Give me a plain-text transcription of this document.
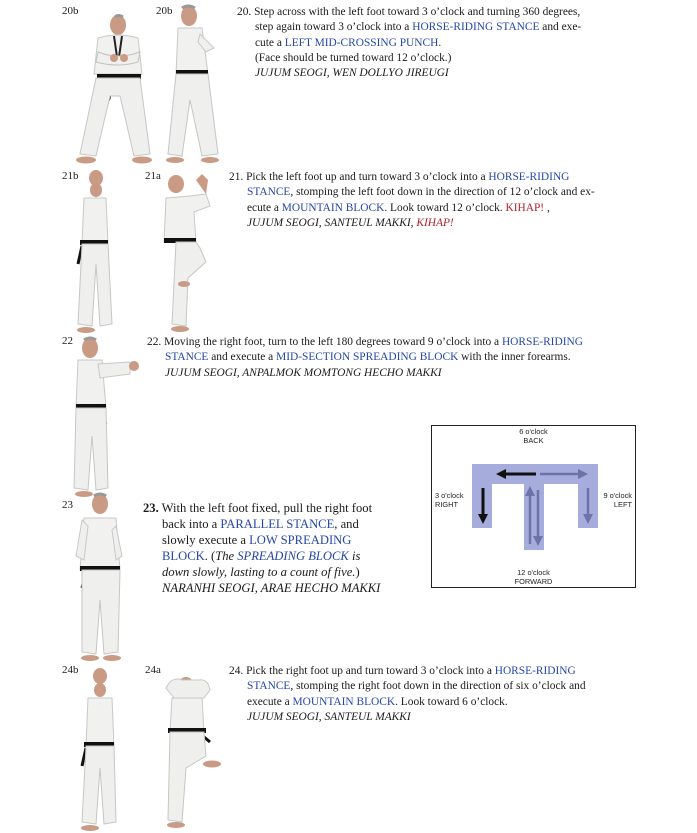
20b	20b
21b	21a
22
23
24b	24a
20. Step across with the left foot toward 3 o’clock and turning 360 degrees,
step again toward 3 o’clock into a HORSE-RIDING STANCE and exe-
cute a LEFT MID-CROSSING PUNCH.
(Face should be turned toward 12 o’clock.)
JUJUM SEOGI, WEN DOLLYO JIREUGI
21. Pick the left foot up and turn toward 3 o’clock into a HORSE-RIDING
STANCE, stomping the left foot down in the direction of 12 o’clock and ex-
ecute a MOUNTAIN BLOCK. Look toward 12 o’clock. KIHAP! ,
JUJUM SEOGI, SANTEUL MAKKI, KIHAP!
22. Moving the right foot, turn to the left 180 degrees toward 9 o’clock into a HORSE-RIDING
STANCE and execute a MID-SECTION SPREADING BLOCK with the inner forearms.
JUJUM SEOGI, ANPALMOK MOMTONG HECHO MAKKI
23. With the left foot fixed, pull the right foot
back into a PARALLEL STANCE, and
slowly execute a LOW SPREADING
BLOCK. (The SPREADING BLOCK is
down slowly, lasting to a count of five.)
NARANHI SEOGI, ARAE HECHO MAKKI
24. Pick the right foot up and turn toward 3 o’clock into a HORSE-RIDING
STANCE, stomping the right foot down in the direction of six o’clock and
execute a MOUNTAIN BLOCK. Look toward 6 o’clock.
JUJUM SEOGI, SANTEUL MAKKI
6 o'clock
BACK
3 o'clock
RIGHT
9 o'clock
LEFT
12 o'clock
FORWARD
